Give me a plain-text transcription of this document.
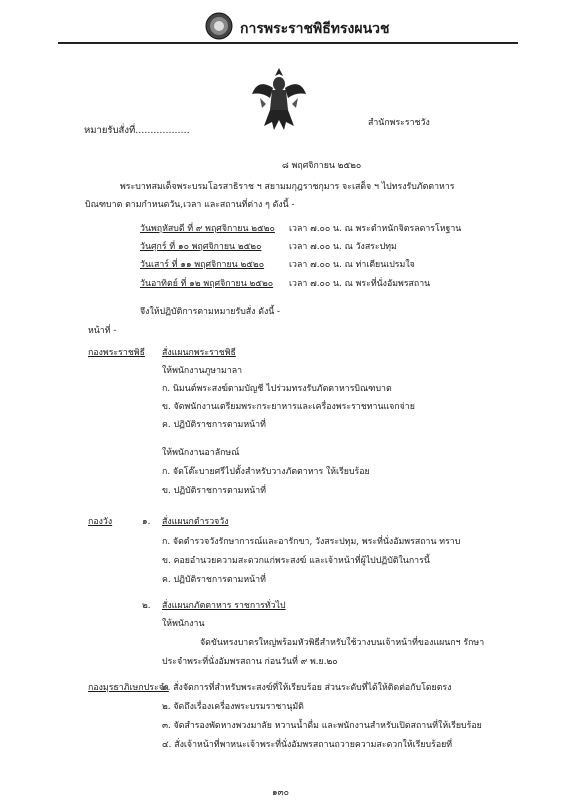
การพระราชพิธีทรงผนวช
หมายรับสั่งที่..................
สำนักพระราชวัง
๘ พฤศจิกายน ๒๕๒๐
พระบาทสมเด็จพระบรมโอรสาธิราช ฯ สยามมกุฎราชกุมาร จะเสด็จ ฯ ไปทรงรับภัตตาหาร
บิณฑบาต ตามกำหนดวัน,เวลา และสถานที่ต่าง ๆ ดังนี้ -
วันพฤหัสบดี ที่ ๙ พฤศจิกายน ๒๕๒๐ เวลา ๗.๐๐ น. ณ พระตำหนักจิตรลดารโหฐาน
วันศุกร์ ที่ ๑๐ พฤศจิกายน ๒๕๒๐	เวลา ๗.๐๐ น. ณ วังสระปทุม
วันเสาร์ ที่ ๑๑ พฤศจิกายน ๒๕๒๐	เวลา ๗.๐๐ น. ณ ท่าเตียนเปรมใจ
วันอาทิตย์ ที่ ๑๒ พฤศจิกายน ๒๕๒๐ เวลา ๗.๐๐ น. ณ พระที่นั่งอัมพรสถาน
จึงให้ปฏิบัติการตามหมายรับสั่ง ดังนี้ -
หน้าที่ -
กองพระราชพิธี สั่งแผนกพระราชพิธี
ให้พนักงานภูษามาลา
ก. นิมนต์พระสงฆ์ตามบัญชี ไปร่วมทรงรับภัตตาหารบิณฑบาต
ข. จัดพนักงานเตรียมพระกระยาหารและเครื่องพระราชทานแจกจ่าย
ค. ปฏิบัติราชการตามหน้าที่
ให้พนักงานอาลักษณ์
ก. จัดโต๊ะบายศรีไปตั้งสำหรับวางภัตตาหาร ให้เรียบร้อย
ข. ปฏิบัติราชการตามหน้าที่
กองวัง	๑. สั่งแผนกตำรวจวัง
ก. จัดตำรวจวังรักษาการณ์และอารักขา, วังสระปทุม, พระที่นั่งอัมพรสถาน ทราบ
ข. คอยอำนวยความสะดวกแก่พระสงฆ์ และเจ้าหน้าที่ผู้ไปปฏิบัติในการนี้
ค. ปฏิบัติราชการตามหน้าที่
๒. สั่งแผนกภัตตาหาร ราชการทั่วไป
ให้พนักงาน
จัดขันทรงบาตรใหญ่พร้อมหัวพิธีสำหรับใช้วางบนเจ้าหน้าที่ของแผนกฯ รักษา
ประจำพระที่นั่งอัมพรสถาน ก่อนวันที่ ๙ พ.ย.๒๐
กองมุรธาภิเษกประจำ
๑. สั่งจัดการที่สำหรับพระสงฆ์ที่ให้เรียบร้อย ส่วนระดับที่ได้ให้ติดต่อกับโดยตรง
๒. จัดถึงเรื่องเครื่องพระบรมราชานุมัติ
๓. จัดสำรองพัดหางพวงมาลัย หวานน้ำดื่ม และพนักงานสำหรับเปิดสถานที่ให้เรียบร้อย
๔. สั่งเจ้าหน้าที่พาหนะเจ้าพระที่นั่งอัมพรสถานถวายความสะดวกให้เรียบร้อยที่
๑๓๐
